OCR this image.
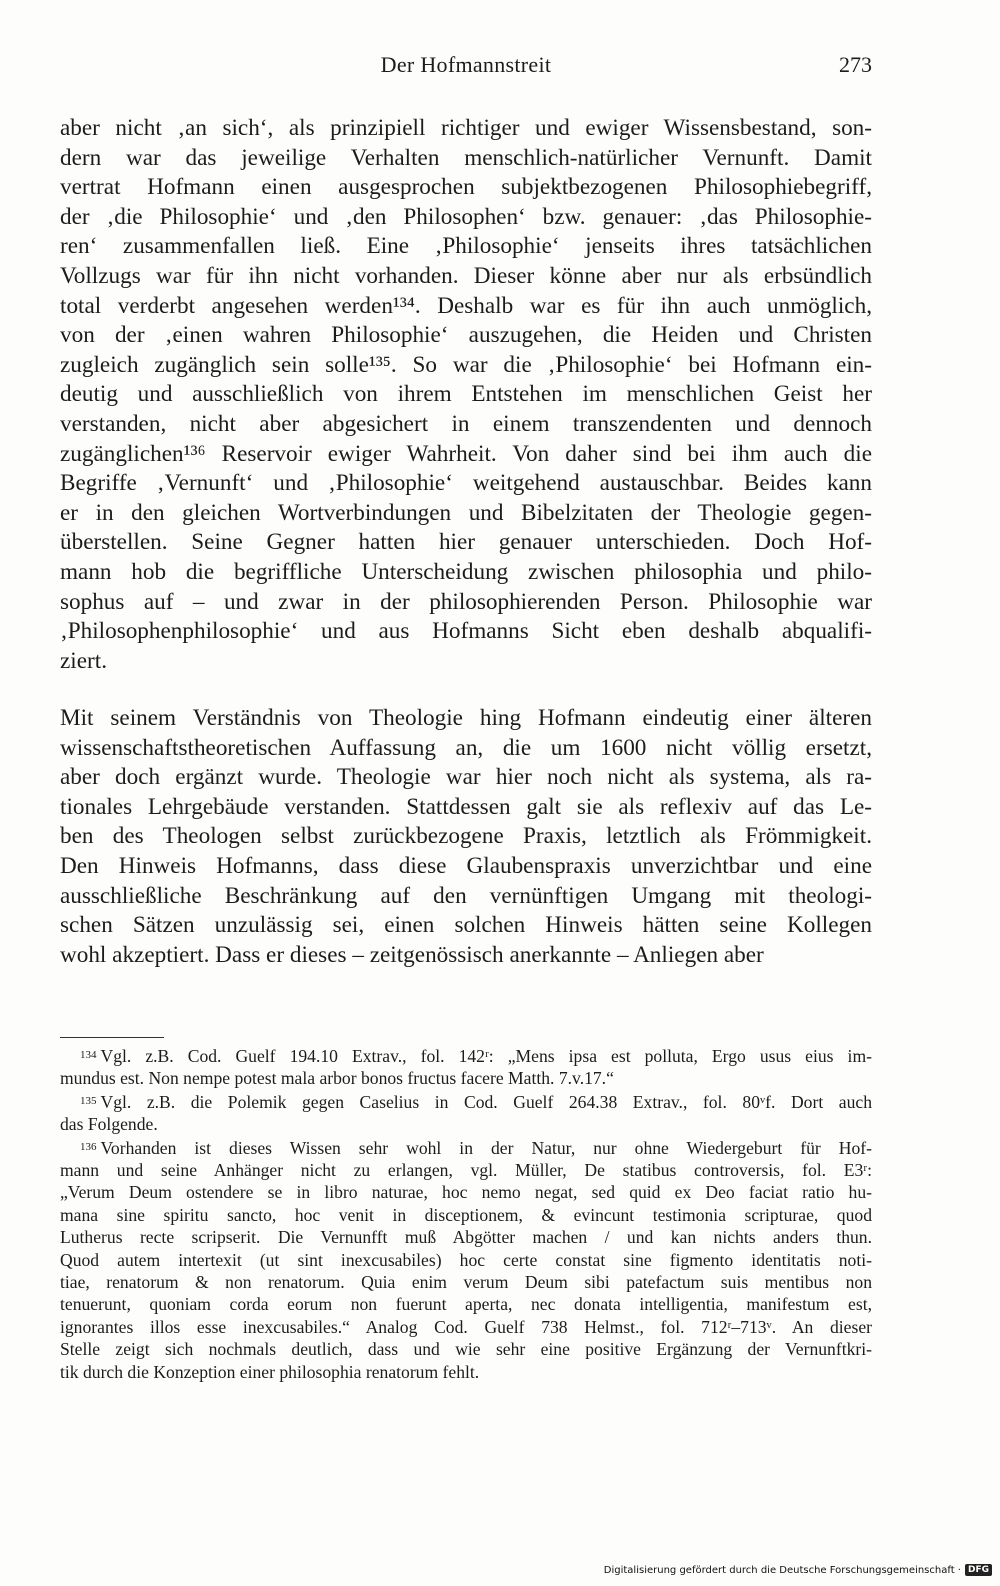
Der Hofmannstreit	273
aber nicht ‚an sich‘, als prinzipiell richtiger und ewiger Wissensbestand, son-
dern war das jeweilige Verhalten menschlich-natürlicher Vernunft. Damit
vertrat Hofmann einen ausgesprochen subjektbezogenen Philosophiebegriff,
der ‚die Philosophie‘ und ‚den Philosophen‘ bzw. genauer: ‚das Philosophie-
ren‘ zusammenfallen ließ. Eine ‚Philosophie‘ jenseits ihres tatsächlichen
Vollzugs war für ihn nicht vorhanden. Dieser könne aber nur als erbsündlich
total verderbt angesehen werden¹³⁴. Deshalb war es für ihn auch unmöglich,
von der ‚einen wahren Philosophie‘ auszugehen, die Heiden und Christen
zugleich zugänglich sein solle¹³⁵. So war die ‚Philosophie‘ bei Hofmann ein-
deutig und ausschließlich von ihrem Entstehen im menschlichen Geist her
verstanden, nicht aber abgesichert in einem transzendenten und dennoch
zugänglichen¹³⁶ Reservoir ewiger Wahrheit. Von daher sind bei ihm auch die
Begriffe ‚Vernunft‘ und ‚Philosophie‘ weitgehend austauschbar. Beides kann
er in den gleichen Wortverbindungen und Bibelzitaten der Theologie gegen-
überstellen. Seine Gegner hatten hier genauer unterschieden. Doch Hof-
mann hob die begriffliche Unterscheidung zwischen philosophia und philo-
sophus auf – und zwar in der philosophierenden Person. Philosophie war
‚Philosophenphilosophie‘ und aus Hofmanns Sicht eben deshalb abqualifi-
ziert.
Mit seinem Verständnis von Theologie hing Hofmann eindeutig einer älteren
wissenschaftstheoretischen Auffassung an, die um 1600 nicht völlig ersetzt,
aber doch ergänzt wurde. Theologie war hier noch nicht als systema, als ra-
tionales Lehrgebäude verstanden. Stattdessen galt sie als reflexiv auf das Le-
ben des Theologen selbst zurückbezogene Praxis, letztlich als Frömmigkeit.
Den Hinweis Hofmanns, dass diese Glaubenspraxis unverzichtbar und eine
ausschließliche Beschränkung auf den vernünftigen Umgang mit theologi-
schen Sätzen unzulässig sei, einen solchen Hinweis hätten seine Kollegen
wohl akzeptiert. Dass er dieses – zeitgenössisch anerkannte – Anliegen aber
$^{134}$ Vgl. z.B. Cod. Guelf 194.10 Extrav., fol. 142ʳ: „Mens ipsa est polluta, Ergo usus eius im-
mundus est. Non nempe potest mala arbor bonos fructus facere Matth. 7.v.17.“
$^{135}$ Vgl. z.B. die Polemik gegen Caselius in Cod. Guelf 264.38 Extrav., fol. 80ᵛf. Dort auch
das Folgende.
$^{136}$ Vorhanden ist dieses Wissen sehr wohl in der Natur, nur ohne Wiedergeburt für Hof-
mann und seine Anhänger nicht zu erlangen, vgl. Müller, De statibus controversis, fol. E3ʳ:
„Verum Deum ostendere se in libro naturae, hoc nemo negat, sed quid ex Deo faciat ratio hu-
mana sine spiritu sancto, hoc venit in disceptionem, & evincunt testimonia scripturae, quod
Lutherus recte scripserit. Die Vernunfft muß Abgötter machen / und kan nichts anders thun.
Quod autem intertexit (ut sint inexcusabiles) hoc certe constat sine figmento identitatis noti-
tiae, renatorum & non renatorum. Quia enim verum Deum sibi patefactum suis mentibus non
tenuerunt, quoniam corda eorum non fuerunt aperta, nec donata intelligentia, manifestum est,
ignorantes illos esse inexcusabiles.“ Analog Cod. Guelf 738 Helmst., fol. 712ʳ–713ᵛ. An dieser
Stelle zeigt sich nochmals deutlich, dass und wie sehr eine positive Ergänzung der Vernunftkri-
tik durch die Konzeption einer philosophia renatorum fehlt.
Digitalisierung gefördert durch die Deutsche Forschungsgemeinschaft · DFG
